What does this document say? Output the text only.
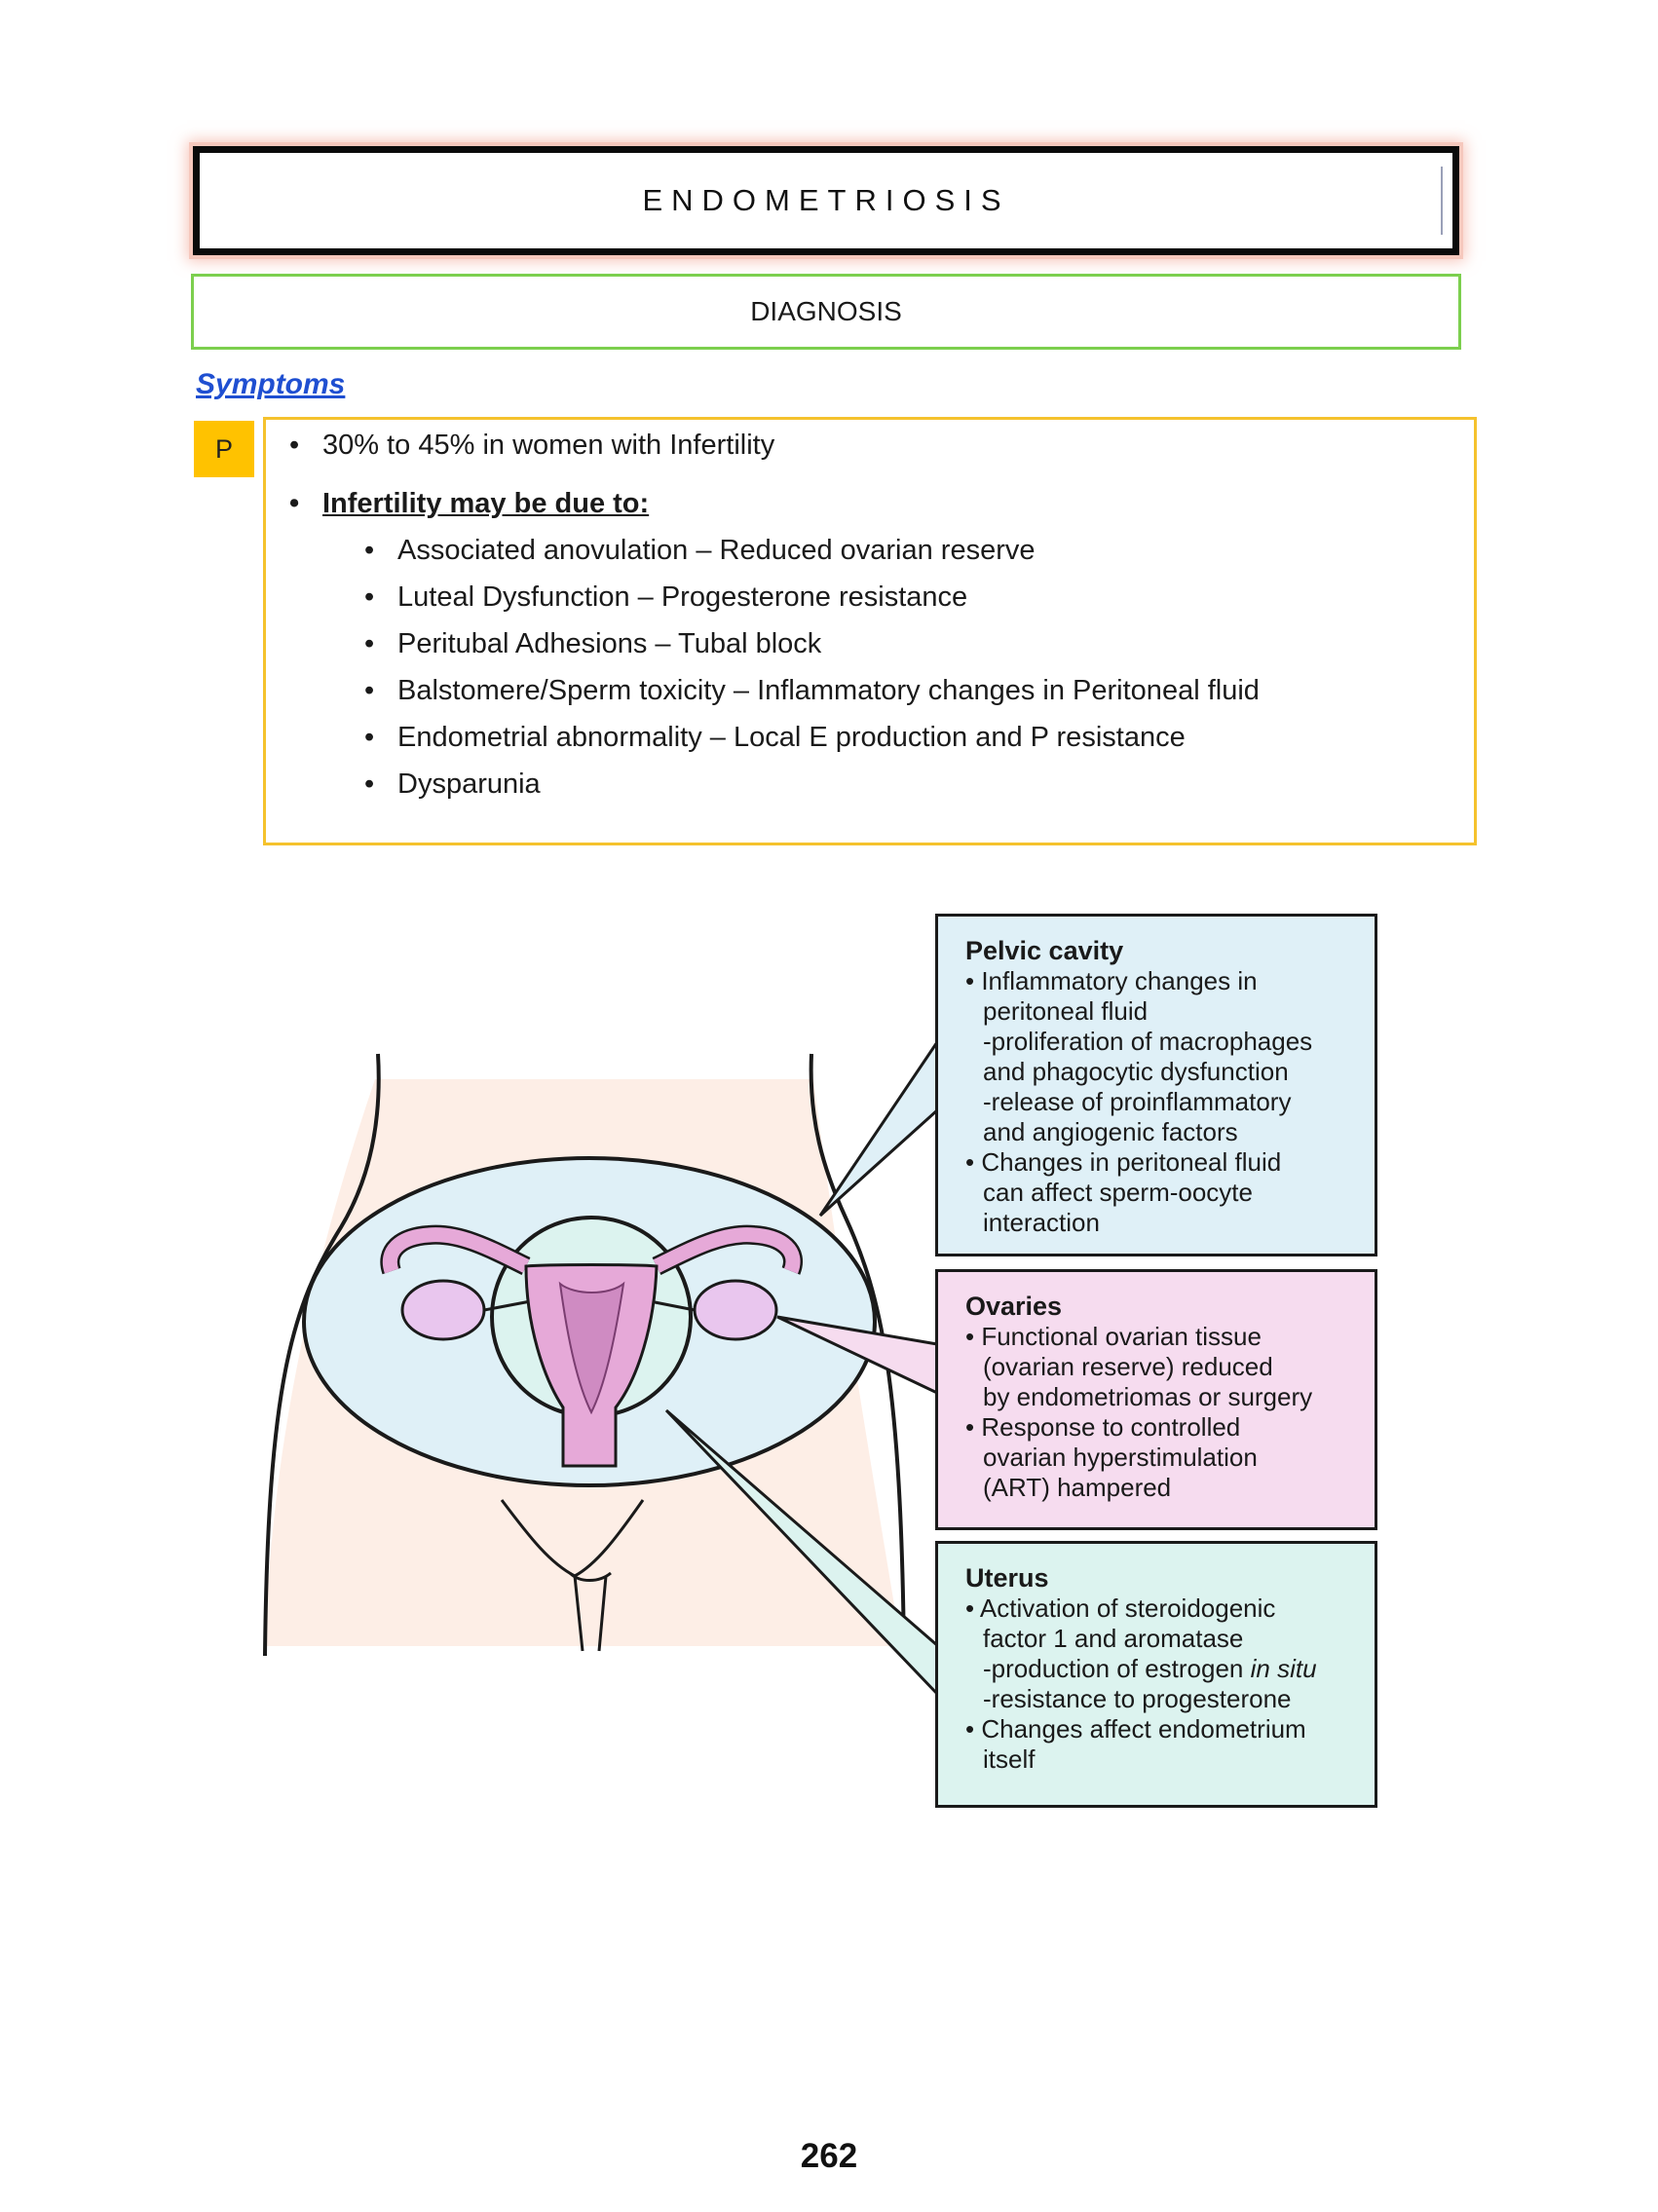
ENDOMETRIOSIS
DIAGNOSIS
Symptoms
P	• 30% to 45% in women with Infertility
• Infertility may be due to:
• Associated anovulation – Reduced ovarian reserve
• Luteal Dysfunction – Progesterone resistance
• Peritubal Adhesions – Tubal block
• Balstomere/Sperm toxicity – Inflammatory changes in Peritoneal fluid
• Endometrial abnormality – Local E production and P resistance
• Dysparunia
Pelvic cavity
• Inflammatory changes in
peritoneal fluid
-proliferation of macrophages
and phagocytic dysfunction
-release of proinflammatory
and angiogenic factors
• Changes in peritoneal fluid
can affect sperm-oocyte
interaction
Ovaries
• Functional ovarian tissue
(ovarian reserve) reduced
by endometriomas or surgery
• Response to controlled
ovarian hyperstimulation
(ART) hampered
Uterus
• Activation of steroidogenic
factor 1 and aromatase
-production of estrogen in situ
-resistance to progesterone
• Changes affect endometrium
itself
262
